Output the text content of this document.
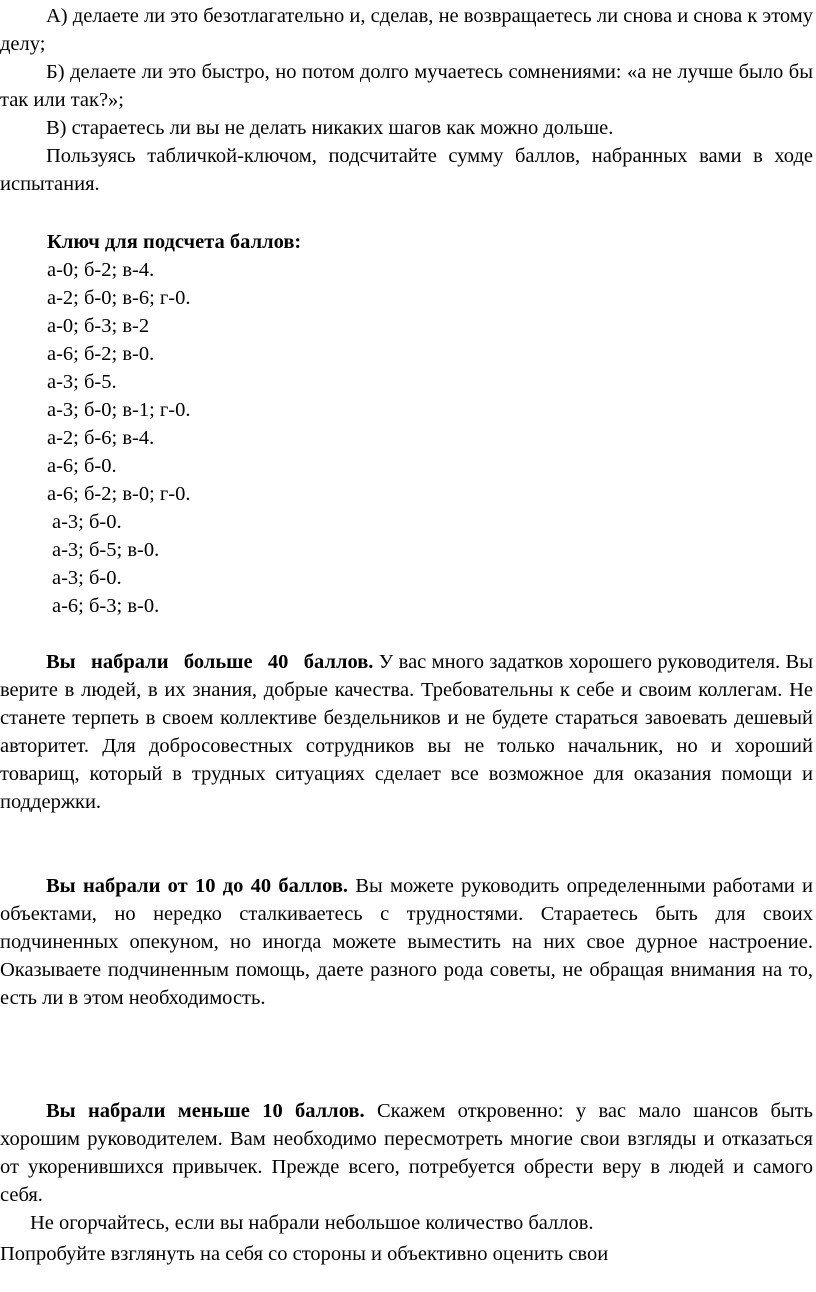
А) делаете ли это безотлагательно и, сделав, не возвращаетесь ли снова и снова к этому делу;

Б) делаете ли это быстро, но потом долго мучаетесь сомнениями: «а не лучше было бы так или так?»;

В) стараетесь ли вы не делать никаких шагов как можно дольше.

Пользуясь табличкой-ключом, подсчитайте сумму баллов, набранных вами в ходе испытания.

Ключ для подсчета баллов:

а-0; б-2; в-4.

а-2; б-0; в-6; г-0.

а-0; б-3; в-2

а-6; б-2; в-0.

а-3; б-5.

а-3; б-0; в-1; г-0.

а-2; б-6; в-4.

а-6; б-0.

а-6; б-2; в-0; г-0.

а-3; б-0.

а-3; б-5; в-0.

а-3; б-0.

а-6; б-3; в-0.

Вы набрали больше 40 баллов. У вас много задатков хорошего руководителя. Вы верите в людей, в их знания, добрые качества. Требовательны к себе и своим коллегам. Не станете терпеть в своем коллективе бездельников и не будете стараться завоевать дешевый авторитет. Для добросовестных сотрудников вы не только начальник, но и хороший товарищ, который в трудных ситуациях сделает все возможное для оказания помощи и поддержки.

Вы набрали от 10 до 40 баллов. Вы можете руководить определенными работами и объектами, но нередко сталкиваетесь с трудностями. Стараетесь быть для своих подчиненных опекуном, но иногда можете выместить на них свое дурное настроение. Оказываете подчиненным помощь, даете разного рода советы, не обращая внимания на то, есть ли в этом необходимость.

Вы набрали меньше 10 баллов. Скажем откровенно: у вас мало шансов быть хорошим руководителем. Вам необходимо пересмотреть многие свои взгляды и отказаться от укоренившихся привычек. Прежде всего, потребуется обрести веру в людей и самого себя.

Не огорчайтесь, если вы набрали небольшое количество баллов.

Попробуйте взглянуть на себя со стороны и объективно оценить свои
